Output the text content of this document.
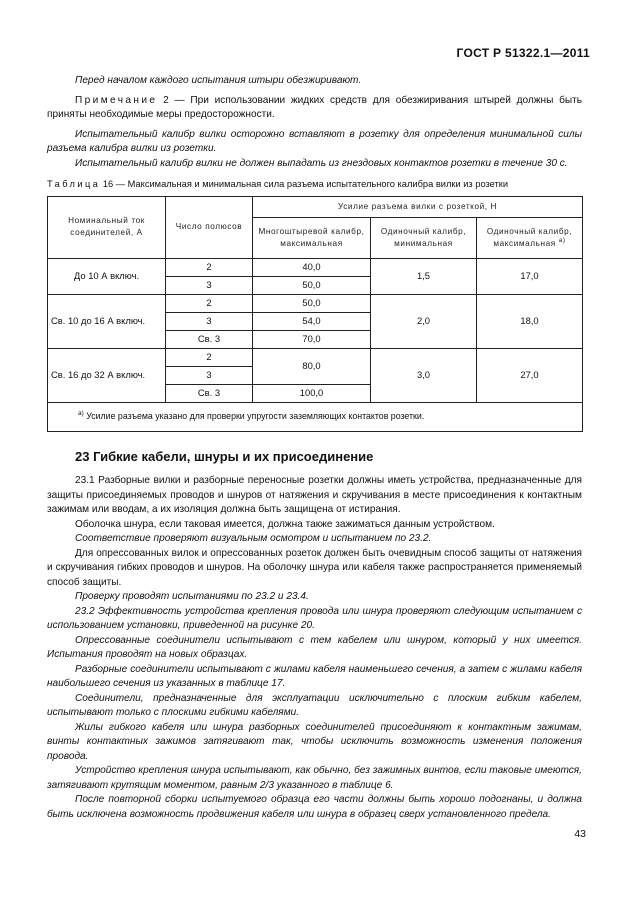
ГОСТ Р 51322.1—2011

Перед началом каждого испытания штыри обезжиривают.

Примечание 2 — При использовании жидких средств для обезжиривания штырей должны быть приняты необходимые меры предосторожности.

Испытательный калибр вилки осторожно вставляют в розетку для определения минимальной силы разъема калибра вилки из розетки.

Испытательный калибр вилки не должен выпадать из гнездовых контактов розетки в течение 30 с.

Таблица 16 — Максимальная и минимальная сила разъема испытательного калибра вилки из розетки
Номинальный ток соединителей, А	Число полюсов	Усилие разъема вилки с розеткой, Н		
		Многоштыревой калибр, максимальная	Одиночный калибр, минимальная	Одиночный калибр, максимальная $^{а)}$
До 10 А включ.	2	40,0	1,5	17,0
	3	50,0		
Св. 10 до 16 А включ.	2	50,0	2,0	18,0
	3	54,0		
	Св. 3	70,0		
Св. 16 до 32 А включ.	2	80,0	3,0	27,0
	3			
	Св. 3	100,0		
$^{а)}$ Усилие разъема указано для проверки упругости заземляющих контактов розетки.				
23 Гибкие кабели, шнуры и их присоединение

23.1 Разборные вилки и разборные переносные розетки должны иметь устройства, предназначенные для защиты присоединяемых проводов и шнуров от натяжения и скручивания в месте присоединения к контактным зажимам или вводам, а их изоляция должна быть защищена от истирания.

Оболочка шнура, если таковая имеется, должна также зажиматься данным устройством.

Соответствие проверяют визуальным осмотром и испытанием по 23.2.

Для опрессованных вилок и опрессованных розеток должен быть очевидным способ защиты от натяжения и скручивания гибких проводов и шнуров. На оболочку шнура или кабеля также распространяется применяемый способ защиты.

Проверку проводят испытаниями по 23.2 и 23.4.

23.2 Эффективность устройства крепления провода или шнура проверяют следующим испытанием с использованием установки, приведенной на рисунке 20.

Опрессованные соединители испытывают с тем кабелем или шнуром, который у них имеется. Испытания проводят на новых образцах.

Разборные соединители испытывают с жилами кабеля наименьшего сечения, а затем с жилами кабеля наибольшего сечения из указанных в таблице 17.

Соединители, предназначенные для эксплуатации исключительно с плоским гибким кабелем, испытывают только с плоскими гибкими кабелями.

Жилы гибкого кабеля или шнура разборных соединителей присоединяют к контактным зажимам, винты контактных зажимов затягивают так, чтобы исключить возможность изменения положения провода.

Устройство крепления шнура испытывают, как обычно, без зажимных винтов, если таковые имеются, затягивают крутящим моментом, равным 2/3 указанного в таблице 6.

После повторной сборки испытуемого образца его части должны быть хорошо подогнаны, и должна быть исключена возможность продвижения кабеля или шнура в образец сверх установленного предела.

43
